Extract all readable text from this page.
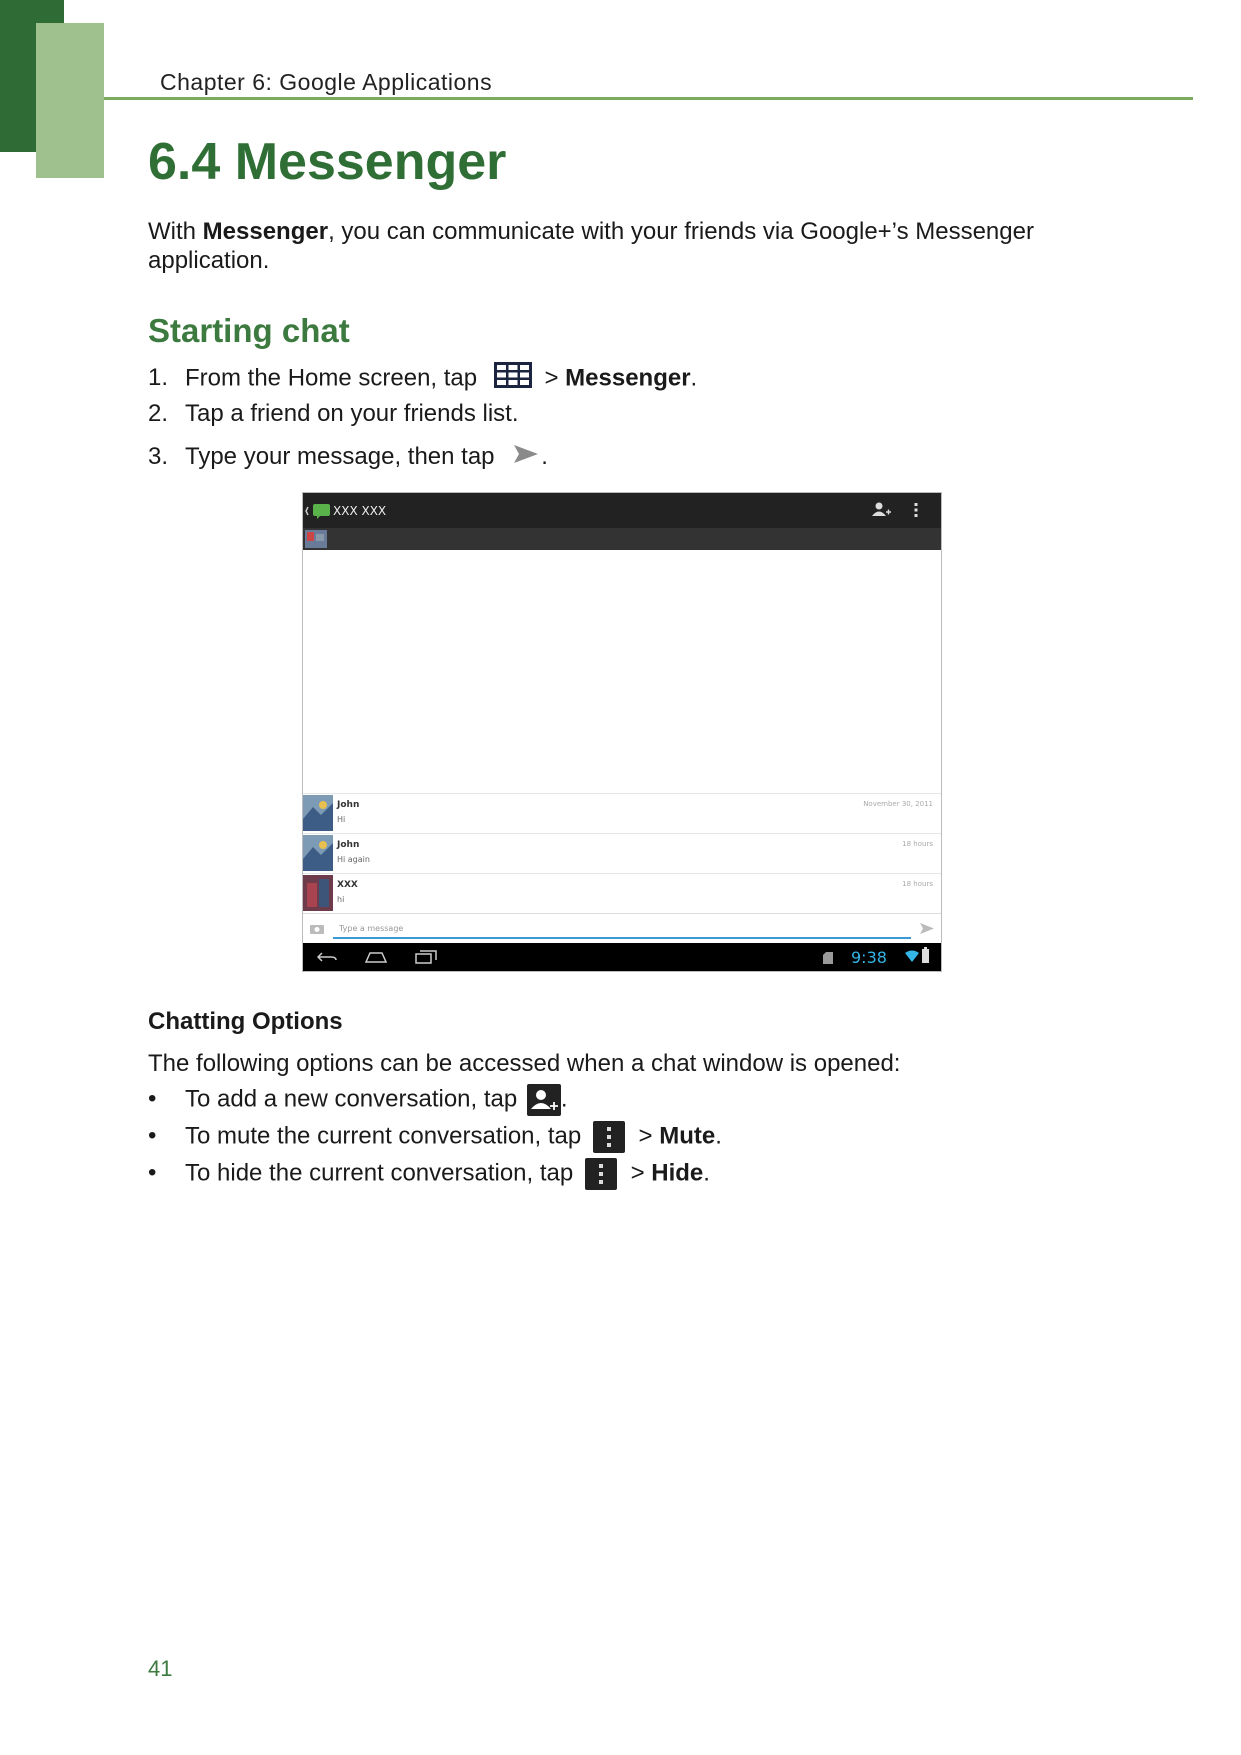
Chapter 6: Google Applications
6.4 Messenger
With Messenger, you can communicate with your friends via Google+’s Messenger application.
Starting chat
1. From the Home screen, tap	> Messenger.
2. Tap a friend on your friends list.
3. Type your message, then tap .
XXX XXX
John
Hi
November 30, 2011
John
Hi again
18 hours
XXX
hi
18 hours
Type a message
9:38
Chatting Options
The following options can be accessed when a chat window is opened:
• To add a new conversation, tap .
• To mute the current conversation, tap  > Mute.
• To hide the current conversation, tap  > Hide.
41
